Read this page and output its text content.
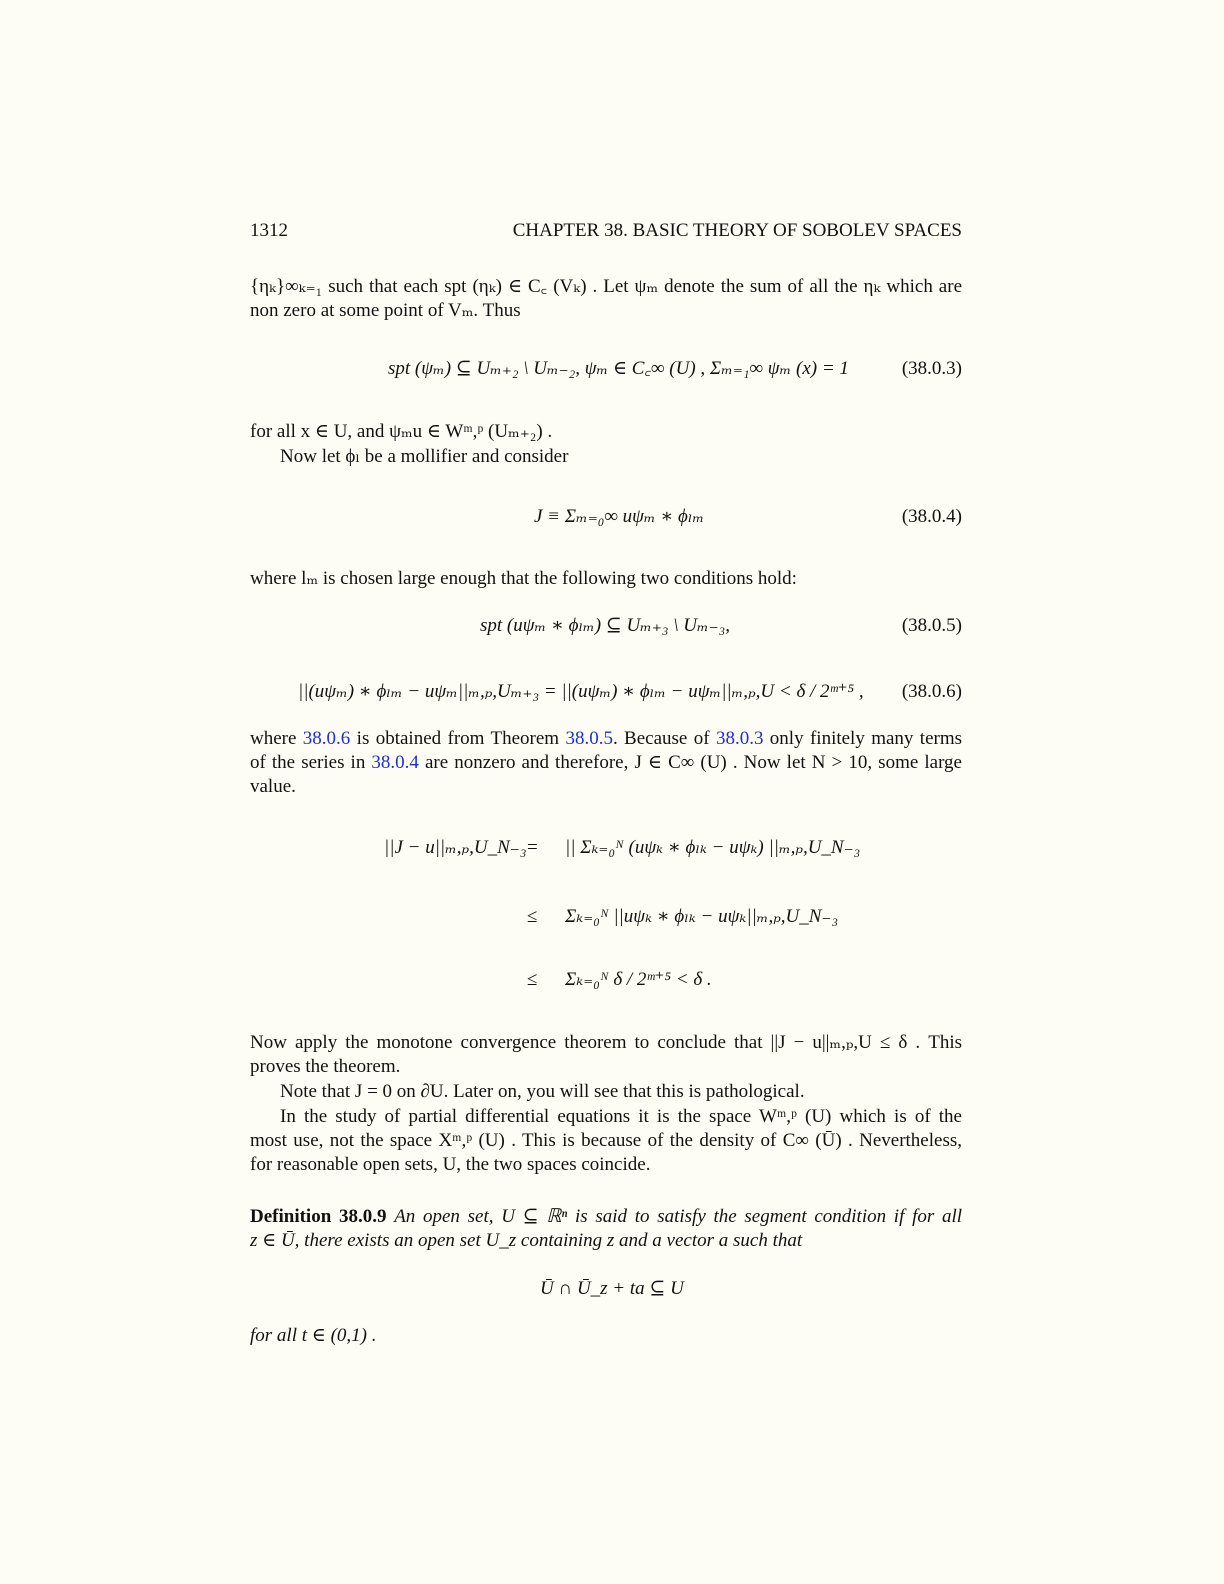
1312	CHAPTER 38. BASIC THEORY OF SOBOLEV SPACES
{ηₖ}∞ₖ₌₁ such that each spt (ηₖ) ∈ C꜀ (Vₖ) . Let ψₘ denote the sum of all the ηₖ which are
non zero at some point of Vₘ. Thus
spt (ψₘ) ⊆ Uₘ₊₂ \ Uₘ₋₂, ψₘ ∈ C꜀∞ (U) , Σₘ₌₁∞ ψₘ (x) = 1	(38.0.3)
for all x ∈ U, and ψₘu ∈ Wᵐ,ᵖ (Uₘ₊₂) .
Now let ϕₗ be a mollifier and consider
J ≡ Σₘ₌₀∞ uψₘ ∗ ϕₗₘ	(38.0.4)
where lₘ is chosen large enough that the following two conditions hold:
spt (uψₘ ∗ ϕₗₘ) ⊆ Uₘ₊₃ \ Uₘ₋₃,	(38.0.5)
||(uψₘ) ∗ ϕₗₘ − uψₘ||ₘ,ₚ,Uₘ₊₃ = ||(uψₘ) ∗ ϕₗₘ − uψₘ||ₘ,ₚ,U < δ / 2ᵐ⁺⁵ ,	(38.0.6)
where 38.0.6 is obtained from Theorem 38.0.5. Because of 38.0.3 only finitely many terms
of the series in 38.0.4 are nonzero and therefore, J ∈ C∞ (U) . Now let N > 10, some large
value.
||J − u||ₘ,ₚ,U_N₋₃ = || Σₖ₌₀ᴺ (uψₖ ∗ ϕₗₖ − uψₖ) ||ₘ,ₚ,U_N₋₃
≤ Σₖ₌₀ᴺ ||uψₖ ∗ ϕₗₖ − uψₖ||ₘ,ₚ,U_N₋₃
≤ Σₖ₌₀ᴺ δ / 2ᵐ⁺⁵ < δ .
Now apply the monotone convergence theorem to conclude that ||J − u||ₘ,ₚ,U ≤ δ . This
proves the theorem.
Note that J = 0 on ∂U. Later on, you will see that this is pathological.
In the study of partial differential equations it is the space Wᵐ,ᵖ (U) which is of the
most use, not the space Xᵐ,ᵖ (U) . This is because of the density of C∞ (Ū) . Nevertheless,
for reasonable open sets, U, the two spaces coincide.
Definition 38.0.9 An open set, U ⊆ ℝⁿ is said to satisfy the segment condition if for all
z ∈ Ū, there exists an open set U_z containing z and a vector a such that
Ū ∩ Ū_z + ta ⊆ U
for all t ∈ (0,1) .
